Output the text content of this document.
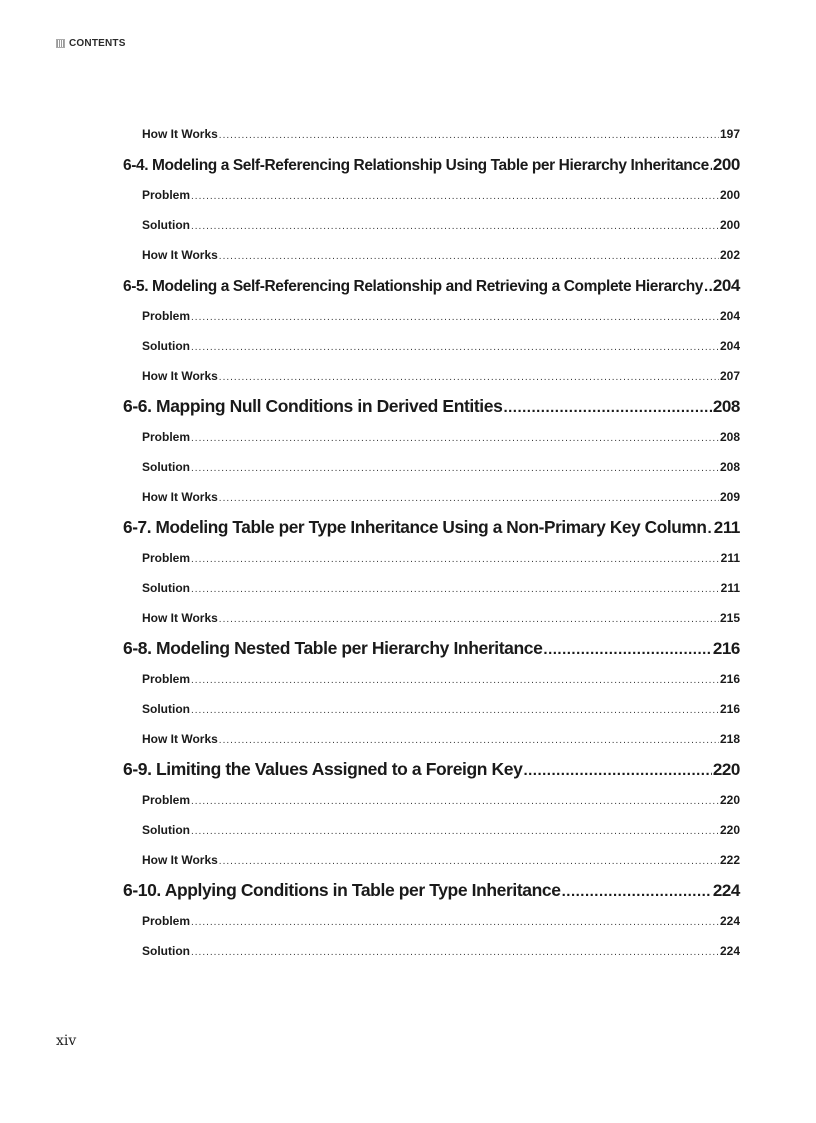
CONTENTS
How It Works .....	197
6-4. Modeling a Self-Referencing Relationship Using Table per Hierarchy Inheritance ..... 200
Problem .....	200
Solution .....	200
How It Works .....	202
6-5. Modeling a Self-Referencing Relationship and Retrieving a Complete Hierarchy ..... 204
Problem .....	204
Solution .....	204
How It Works .....	207
6-6. Mapping Null Conditions in Derived Entities .....	208
Problem .....	208
Solution .....	208
How It Works .....	209
6-7. Modeling Table per Type Inheritance Using a Non-Primary Key Column ..... 211
Problem .....	211
Solution .....	211
How It Works .....	215
6-8. Modeling Nested Table per Hierarchy Inheritance .....	216
Problem .....	216
Solution .....	216
How It Works .....	218
6-9. Limiting the Values Assigned to a Foreign Key .....	220
Problem .....	220
Solution .....	220
How It Works .....	222
6-10. Applying Conditions in Table per Type Inheritance .....	224
Problem .....	224
Solution .....	224
xiv
